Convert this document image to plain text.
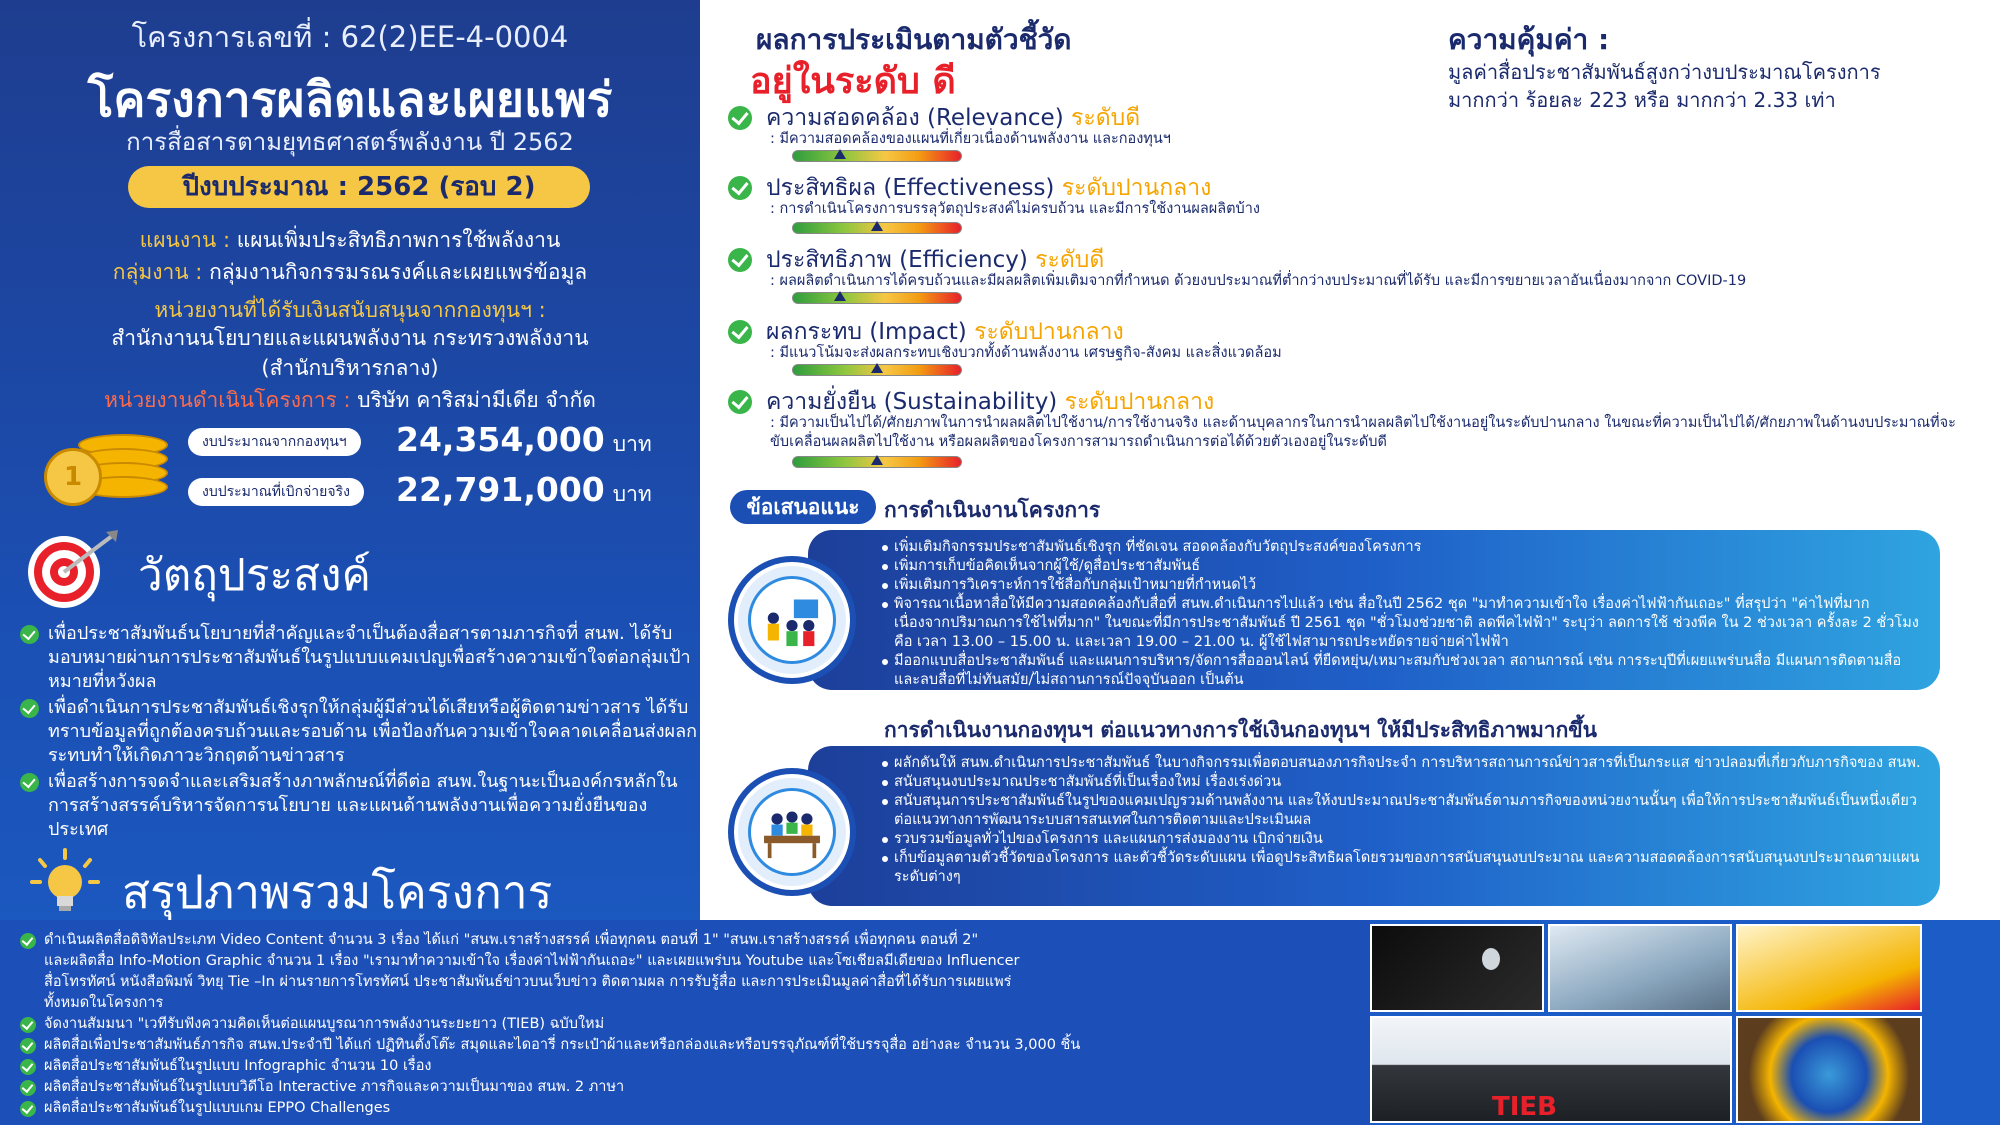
โครงการเลขที่ : 62(2)EE-4-0004
โครงการผลิตและเผยแพร่
การสื่อสารตามยุทธศาสตร์พลังงาน ปี 2562
ปีงบประมาณ : 2562 (รอบ 2)
แผนงาน : แผนเพิ่มประสิทธิภาพการใช้พลังงาน
กลุ่มงาน : กลุ่มงานกิจกรรมรณรงค์และเผยแพร่ข้อมูล
หน่วยงานที่ได้รับเงินสนับสนุนจากกองทุนฯ :
สำนักงานนโยบายและแผนพลังงาน กระทรวงพลังงาน
(สำนักบริหารกลาง)
หน่วยงานดำเนินโครงการ : บริษัท คาริสม่ามีเดีย จำกัด
1
งบประมาณจากกองทุนฯ	24,354,000 บาท
งบประมาณที่เบิกจ่ายจริง	22,791,000 บาท
วัตถุประสงค์
เพื่อประชาสัมพันธ์นโยบายที่สำคัญและจำเป็นต้องสื่อสารตามภารกิจที่ สนพ. ได้รับมอบหมายผ่านการประชาสัมพันธ์ในรูปแบบแคมเปญเพื่อสร้างความเข้าใจต่อกลุ่มเป้าหมายที่หวังผล
เพื่อดำเนินการประชาสัมพันธ์เชิงรุกให้กลุ่มผู้มีส่วนได้เสียหรือผู้ติดตามข่าวสาร ได้รับทราบข้อมูลที่ถูกต้องครบถ้วนและรอบด้าน เพื่อป้องกันความเข้าใจคลาดเคลื่อนส่งผลกระทบทำให้เกิดภาวะวิกฤตด้านข่าวสาร
เพื่อสร้างการจดจำและเสริมสร้างภาพลักษณ์ที่ดีต่อ สนพ.ในฐานะเป็นองค์กรหลักในการสร้างสรรค์บริหารจัดการนโยบาย และแผนด้านพลังงานเพื่อความยั่งยืนของประเทศ
สรุปภาพรวมโครงการ
ดำเนินผลิตสื่อดิจิทัลประเภท Video Content จำนวน 3 เรื่อง ได้แก่ "สนพ.เราสร้างสรรค์ เพื่อทุกคน ตอนที่ 1" "สนพ.เราสร้างสรรค์ เพื่อทุกคน ตอนที่ 2"
และผลิตสื่อ Info-Motion Graphic จำนวน 1 เรื่อง "เรามาทำความเข้าใจ เรื่องค่าไฟฟ้ากันเถอะ" และเผยแพร่บน Youtube และโซเชียลมีเดียของ Influencer
สื่อโทรทัศน์ หนังสือพิมพ์ วิทยุ Tie –In ผ่านรายการโทรทัศน์ ประชาสัมพันธ์ข่าวบนเว็บข่าว ติดตามผล การรับรู้สื่อ และการประเมินมูลค่าสื่อที่ได้รับการเผยแพร่
ทั้งหมดในโครงการ
จัดงานสัมมนา "เวทีรับฟังความคิดเห็นต่อแผนบูรณาการพลังงานระยะยาว (TIEB) ฉบับใหม่
ผลิตสื่อเพื่อประชาสัมพันธ์ภารกิจ สนพ.ประจำปี ได้แก่ ปฏิทินตั้งโต๊ะ สมุดและไดอารี่ กระเป๋าผ้าและหรือกล่องและหรือบรรจุภัณฑ์ที่ใช้บรรจุสื่อ อย่างละ จำนวน 3,000 ชิ้น
ผลิตสื่อประชาสัมพันธ์ในรูปแบบ Infographic จำนวน 10 เรื่อง
ผลิตสื่อประชาสัมพันธ์ในรูปแบบวิดีโอ Interactive ภารกิจและความเป็นมาของ สนพ. 2 ภาษา
ผลิตสื่อประชาสัมพันธ์ในรูปแบบเกม EPPO Challenges	TIEB
ผลการประเมินตามตัวชี้วัด
อยู่ในระดับ ดี
ความคุ้มค่า :
มูลค่าสื่อประชาสัมพันธ์สูงกว่างบประมาณโครงการ
มากกว่า ร้อยละ 223 หรือ มากกว่า 2.33 เท่า
ความสอดคล้อง (Relevance) ระดับดี
: มีความสอดคล้องของแผนที่เกี่ยวเนื่องด้านพลังงาน และกองทุนฯ
ประสิทธิผล (Effectiveness) ระดับปานกลาง
: การดำเนินโครงการบรรลุวัตถุประสงค์ไม่ครบถ้วน และมีการใช้งานผลผลิตบ้าง
ประสิทธิภาพ (Efficiency) ระดับดี
: ผลผลิตดำเนินการได้ครบถ้วนและมีผลผลิตเพิ่มเติมจากที่กำหนด ด้วยงบประมาณที่ต่ำกว่างบประมาณที่ได้รับ และมีการขยายเวลาอันเนื่องมากจาก COVID-19
ผลกระทบ (Impact) ระดับปานกลาง
: มีแนวโน้มจะส่งผลกระทบเชิงบวกทั้งด้านพลังงาน เศรษฐกิจ-สังคม และสิ่งแวดล้อม
ความยั่งยืน (Sustainability) ระดับปานกลาง
: มีความเป็นไปได้/ศักยภาพในการนำผลผลิตไปใช้งาน/การใช้งานจริง และด้านบุคลากรในการนำผลผลิตไปใช้งานอยู่ในระดับปานกลาง ในขณะที่ความเป็นไปได้/ศักยภาพในด้านงบประมาณที่จะขับเคลื่อนผลผลิตไปใช้งาน หรือผลผลิตของโครงการสามารถดำเนินการต่อได้ด้วยตัวเองอยู่ในระดับดี
ข้อเสนอแนะ	การดำเนินงานโครงการ
เพิ่มเติมกิจกรรมประชาสัมพันธ์เชิงรุก ที่ชัดเจน สอดคล้องกับวัตถุประสงค์ของโครงการ
เพิ่มการเก็บข้อคิดเห็นจากผู้ใช้/ดูสื่อประชาสัมพันธ์
เพิ่มเติมการวิเคราะห์การใช้สื่อกับกลุ่มเป้าหมายที่กำหนดไว้
พิจารณาเนื้อหาสื่อให้มีความสอดคล้องกับสื่อที่ สนพ.ดำเนินการไปแล้ว เช่น สื่อในปี 2562 ชุด "มาทำความเข้าใจ เรื่องค่าไฟฟ้ากันเถอะ" ที่สรุปว่า "ค่าไฟที่มาก เนื่องจากปริมาณการใช้ไฟที่มาก" ในขณะที่มีการประชาสัมพันธ์ ปี 2561 ชุด "ชั่วโมงช่วยชาติ ลดพีคไฟฟ้า" ระบุว่า ลดการใช้ ช่วงพีค ใน 2 ช่วงเวลา ครั้งละ 2 ชั่วโมง คือ เวลา 13.00 – 15.00 น. และเวลา 19.00 – 21.00 น. ผู้ใช้ไฟสามารถประหยัดรายจ่ายค่าไฟฟ้า
มีออกแบบสื่อประชาสัมพันธ์ และแผนการบริหาร/จัดการสื่อออนไลน์ ที่ยืดหยุ่น/เหมาะสมกับช่วงเวลา สถานการณ์ เช่น การระบุปีที่เผยแพร่บนสื่อ มีแผนการติดตามสื่อและลบสื่อที่ไม่ทันสมัย/ไม่สถานการณ์ปัจจุบันออก เป็นต้น
การดำเนินงานกองทุนฯ ต่อแนวทางการใช้เงินกองทุนฯ ให้มีประสิทธิภาพมากขึ้น
ผลักดันให้ สนพ.ดำเนินการประชาสัมพันธ์ ในบางกิจกรรมเพื่อตอบสนองภารกิจประจำ การบริหารสถานการณ์ข่าวสารที่เป็นกระแส ข่าวปลอมที่เกี่ยวกับภารกิจของ สนพ.
สนับสนุนงบประมาณประชาสัมพันธ์ที่เป็นเรื่องใหม่ เรื่องเร่งด่วน
สนับสนุนการประชาสัมพันธ์ในรูปของแคมเปญรวมด้านพลังงาน และให้งบประมาณประชาสัมพันธ์ตามภารกิจของหน่วยงานนั้นๆ เพื่อให้การประชาสัมพันธ์เป็นหนึ่งเดียวต่อแนวทางการพัฒนาระบบสารสนเทศในการติดตามและประเมินผล
รวบรวมข้อมูลทั่วไปของโครงการ และแผนการส่งมองงาน เบิกจ่ายเงิน
เก็บข้อมูลตามตัวชี้วัดของโครงการ และตัวชี้วัดระดับแผน เพื่อดูประสิทธิผลโดยรวมของการสนับสนุนงบประมาณ และความสอดคล้องการสนับสนุนงบประมาณตามแผนระดับต่างๆ
